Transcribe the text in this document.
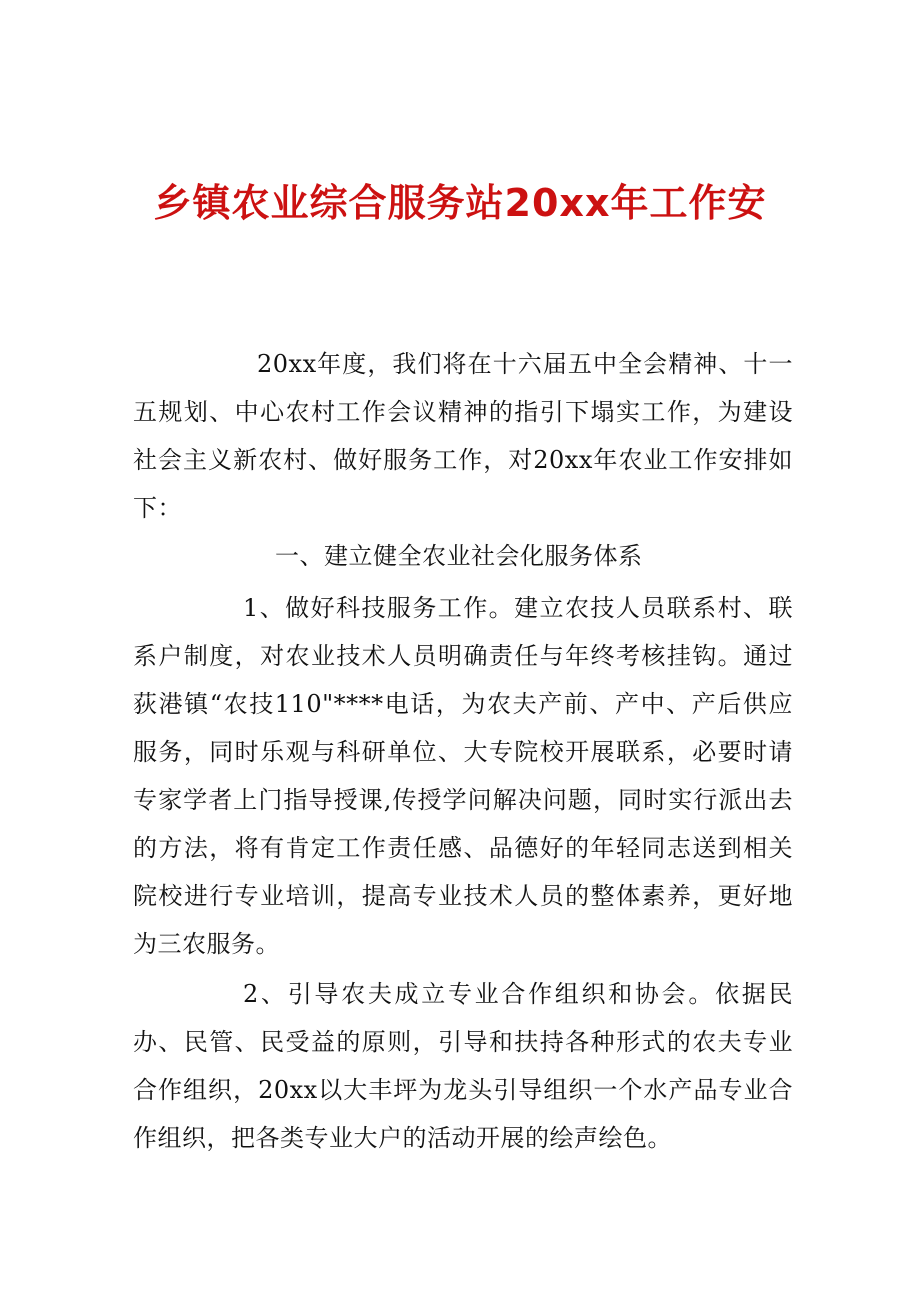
乡镇农业综合服务站20xx年工作安

20xx年度，我们将在十六届五中全会精神、十一五规划、中心农村工作会议精神的指引下塌实工作，为建设社会主义新农村、做好服务工作，对20xx年农业工作安排如下：

一、建立健全农业社会化服务体系

1、做好科技服务工作。建立农技人员联系村、联系户制度，对农业技术人员明确责任与年终考核挂钩。通过荻港镇“农技110"****电话，为农夫产前、产中、产后供应服务，同时乐观与科研单位、大专院校开展联系，必要时请专家学者上门指导授课,传授学问解决问题，同时实行派出去的方法，将有肯定工作责任感、品德好的年轻同志送到相关院校进行专业培训，提高专业技术人员的整体素养，更好地为三农服务。

2、引导农夫成立专业合作组织和协会。依据民办、民管、民受益的原则，引导和扶持各种形式的农夫专业合作组织，20xx以大丰坪为龙头引导组织一个水产品专业合作组织，把各类专业大户的活动开展的绘声绘色。
